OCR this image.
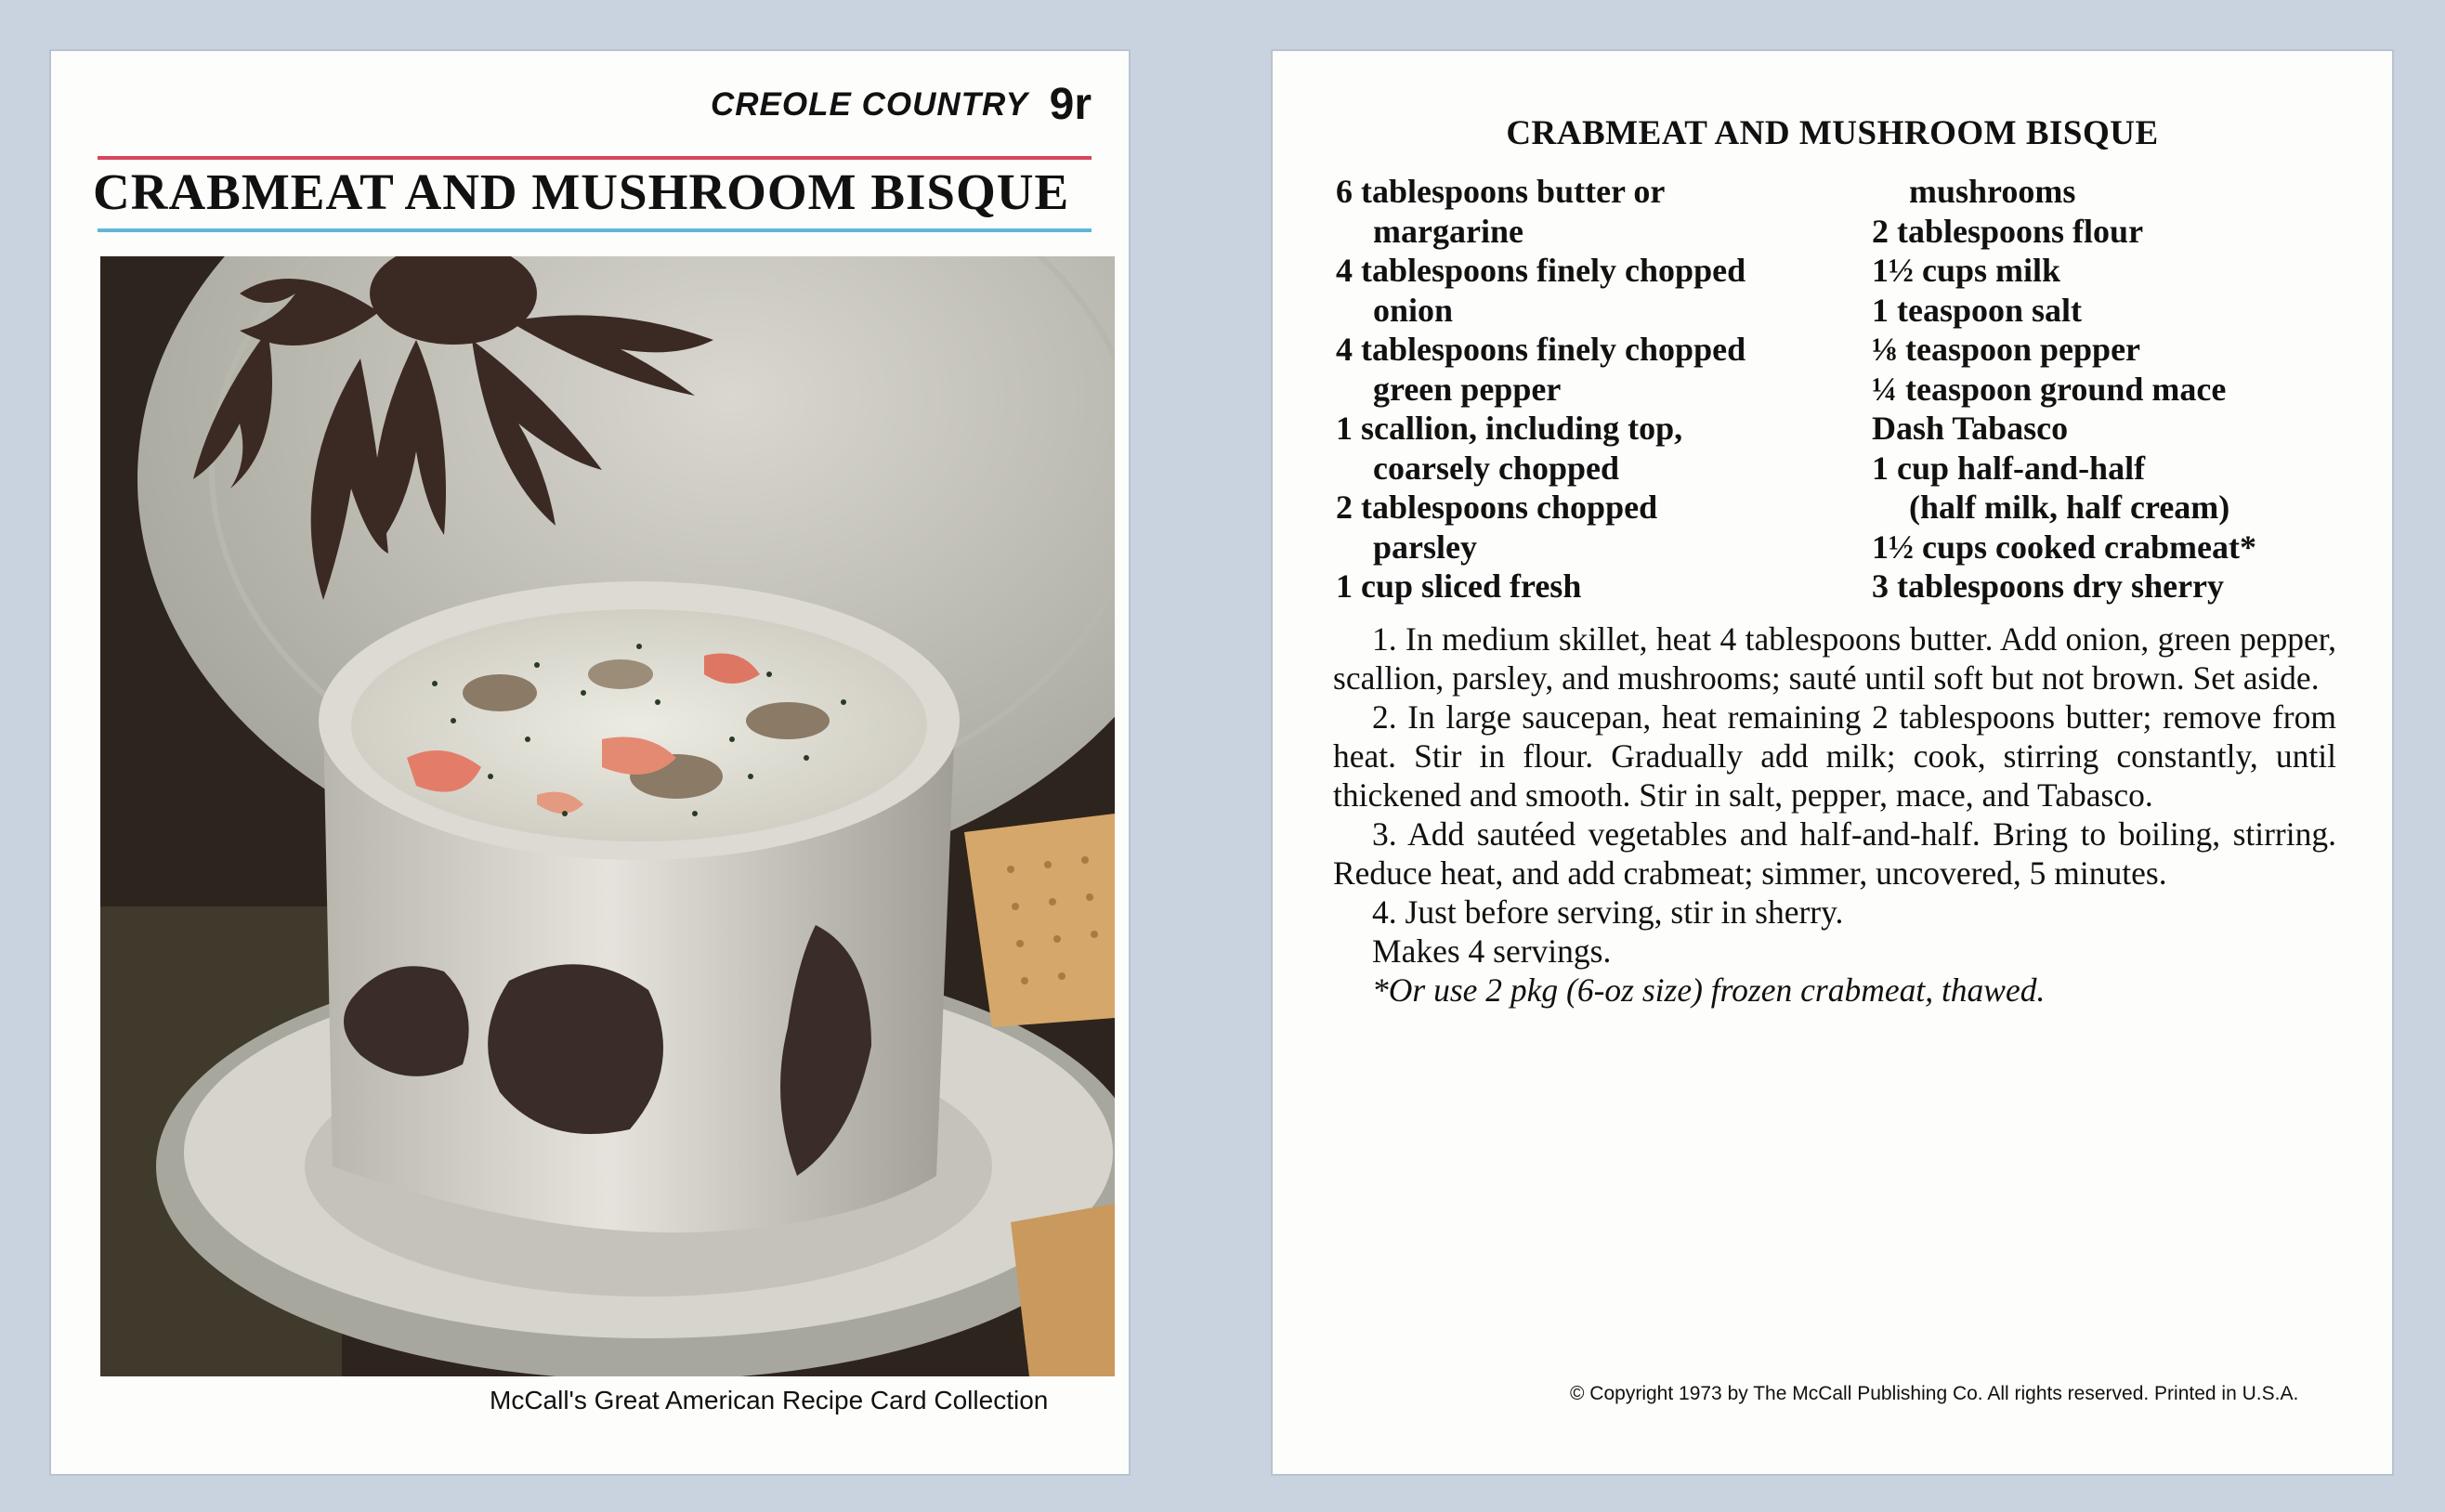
CREOLE COUNTRY 9r
CRABMEAT AND MUSHROOM BISQUE
McCall's Great American Recipe Card Collection
CRABMEAT AND MUSHROOM BISQUE
6 tablespoons butter or
margarine
4 tablespoons finely chopped
onion
4 tablespoons finely chopped
green pepper
1 scallion, including top,
coarsely chopped
2 tablespoons chopped
parsley
1 cup sliced fresh
mushrooms
2 tablespoons flour
1½ cups milk
1 teaspoon salt
⅛ teaspoon pepper
¼ teaspoon ground mace
Dash Tabasco
1 cup half-and-half
(half milk, half cream)
1½ cups cooked crabmeat*
3 tablespoons dry sherry

1. In medium skillet, heat 4 tablespoons butter. Add onion, green pepper, scallion, parsley, and mushrooms; sauté until soft but not brown. Set aside.

2. In large saucepan, heat remaining 2 tablespoons butter; remove from heat. Stir in flour. Gradually add milk; cook, stirring constantly, until thickened and smooth. Stir in salt, pepper, mace, and Tabasco.

3. Add sautéed vegetables and half-and-half. Bring to boiling, stirring. Reduce heat, and add crabmeat; simmer, uncovered, 5 minutes.

4. Just before serving, stir in sherry.

Makes 4 servings.

*Or use 2 pkg (6-oz size) frozen crabmeat, thawed.

© Copyright 1973 by The McCall Publishing Co. All rights reserved. Printed in U.S.A.
